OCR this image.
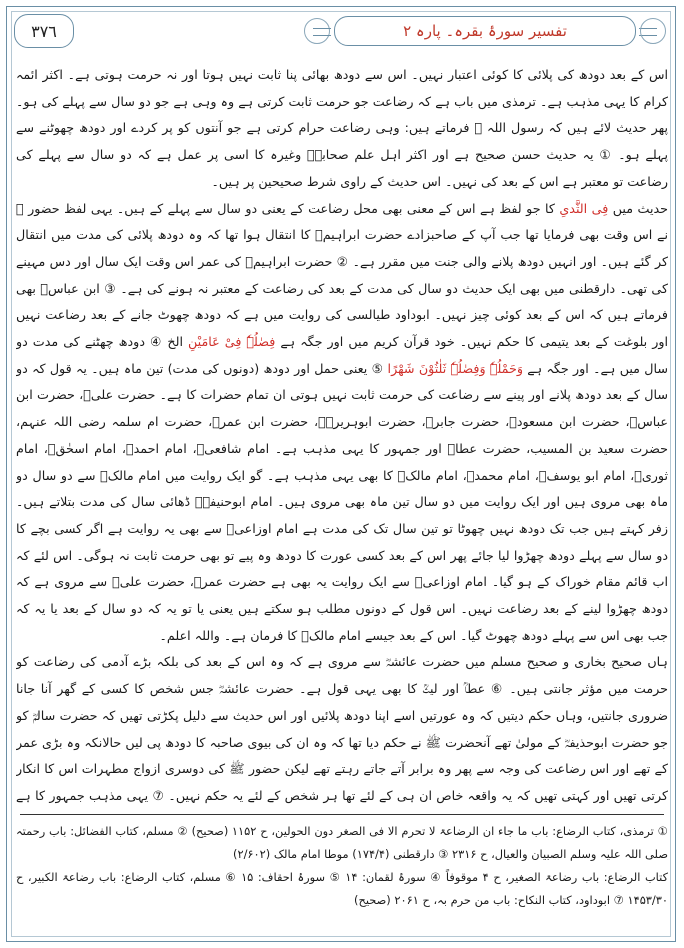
٣٧٦	تفسیر سورۂ بقرہ۔ پارہ ۲

اس کے بعد دودھ کی پلائی کا کوئی اعتبار نہیں۔ اس سے دودھ بھائی پنا ثابت نہیں ہوتا اور نہ حرمت ہوتی ہے۔ اکثر ائمہ کرام کا یہی مذہب ہے۔ ترمذی میں باب ہے کہ رضاعت جو حرمت ثابت کرتی ہے وہ وہی ہے جو دو سال سے پہلے کی ہو۔ پھر حدیث لائے ہیں کہ رسول اللہ ﷺ فرماتے ہیں: وہی رضاعت حرام کرتی ہے جو آنتوں کو پر کردے اور دودھ چھوٹنے سے پہلے ہو۔ ① یہ حدیث حسن صحیح ہے اور اکثر اہل علم صحابہؓ وغیرہ کا اسی پر عمل ہے کہ دو سال سے پہلے کی رضاعت تو معتبر ہے اس کے بعد کی نہیں۔ اس حدیث کے راوی شرط صحیحین پر ہیں۔

حدیث میں فِی الثَّدیِ کا جو لفظ ہے اس کے معنی بھی محل رضاعت کے یعنی دو سال سے پہلے کے ہیں۔ یہی لفظ حضور ﷺ نے اس وقت بھی فرمایا تھا جب آپ کے صاحبزادے حضرت ابراہیمؑ کا انتقال ہوا تھا کہ وہ دودھ پلائی کی مدت میں انتقال کر گئے ہیں۔ اور انہیں دودھ پلانے والی جنت میں مقرر ہے۔ ② حضرت ابراہیمؓ کی عمر اس وقت ایک سال اور دس مہینے کی تھی۔ دارقطنی میں بھی ایک حدیث دو سال کی مدت کے بعد کی رضاعت کے معتبر نہ ہونے کی ہے۔ ③ ابن عباسؓ بھی فرماتے ہیں کہ اس کے بعد کوئی چیز نہیں۔ ابوداود طیالسی کی روایت میں ہے کہ دودھ چھوٹ جانے کے بعد رضاعت نہیں اور بلوغت کے بعد یتیمی کا حکم نہیں۔ خود قرآن کریم میں اور جگہ ہے فِصٰلُہٗ فِیْ عَامَیْنِ الخ ④ دودھ چھٹنے کی مدت دو سال میں ہے۔ اور جگہ ہے وَحَمْلُہٗ وَفِصٰلُہٗ ثَلٰثُوْنَ شَهْرًا ⑤ یعنی حمل اور دودھ (دونوں کی مدت) تین ماہ ہیں۔ یہ قول کہ دو سال کے بعد دودھ پلانے اور پینے سے رضاعت کی حرمت ثابت نہیں ہوتی ان تمام حضرات کا ہے۔ حضرت علیؓ، حضرت ابن عباسؓ، حضرت ابن مسعودؓ، حضرت جابرؓ، حضرت ابوہریرہؓ، حضرت ابن عمرؓ، حضرت ام سلمہ رضی اللہ عنہم، حضرت سعید بن المسیب، حضرت عطاؒ اور جمہور کا یہی مذہب ہے۔ امام شافعیؒ، امام احمدؒ، امام اسحٰقؒ، امام ثوریؒ، امام ابو یوسفؒ، امام محمدؒ، امام مالکؒ کا بھی یہی مذہب ہے۔ گو ایک روایت میں امام مالکؒ سے دو سال دو ماہ بھی مروی ہیں اور ایک روایت میں دو سال تین ماہ بھی مروی ہیں۔ امام ابوحنیفہؒ ڈھائی سال کی مدت بتلاتے ہیں۔ زفر کہتے ہیں جب تک دودھ نہیں چھوٹا تو تین سال تک کی مدت ہے امام اوزاعیؒ سے بھی یہ روایت ہے اگر کسی بچے کا دو سال سے پہلے دودھ چھڑوا لیا جائے پھر اس کے بعد کسی عورت کا دودھ وہ پیے تو بھی حرمت ثابت نہ ہوگی۔ اس لئے کہ اب قائم مقام خوراک کے ہو گیا۔ امام اوزاعیؒ سے ایک روایت یہ بھی ہے حضرت عمرؓ، حضرت علیؓ سے مروی ہے کہ دودھ چھڑوا لینے کے بعد رضاعت نہیں۔ اس قول کے دونوں مطلب ہو سکتے ہیں یعنی یا تو یہ کہ دو سال کے بعد یا یہ کہ جب بھی اس سے پہلے دودھ چھوٹ گیا۔ اس کے بعد جیسے امام مالکؒ کا فرمان ہے۔ واللہ اعلم۔

ہاں صحیح بخاری و صحیح مسلم میں حضرت عائشہؓ سے مروی ہے کہ وہ اس کے بعد کی بلکہ بڑے آدمی کی رضاعت کو حرمت میں مؤثر جانتی ہیں۔ ⑥ عطاؒ اور لیثؒ کا بھی یہی قول ہے۔ حضرت عائشہؓ جس شخص کا کسی کے گھر آنا جانا ضروری جانتیں، وہاں حکم دیتیں کہ وہ عورتیں اسے اپنا دودھ پلائیں اور اس حدیث سے دلیل پکڑتی تھیں کہ حضرت سالمؓ کو جو حضرت ابوحذیفہؓ کے مولیٰ تھے آنحضرت ﷺ نے حکم دیا تھا کہ وہ ان کی بیوی صاحبہ کا دودھ پی لیں حالانکہ وہ بڑی عمر کے تھے اور اس رضاعت کی وجہ سے پھر وہ برابر آتے جاتے رہتے تھے لیکن حضور ﷺ کی دوسری ازواج مطہرات اس کا انکار کرتی تھیں اور کہتی تھیں کہ یہ واقعہ خاص ان ہی کے لئے تھا ہر شخص کے لئے یہ حکم نہیں۔ ⑦ یہی مذہب جمہور کا ہے

① ترمذی، کتاب الرضاع: باب ما جاء ان الرضاعۃ لا تحرم الا فی الصغر دون الحولین، ح ۱۱۵۲ (صحیح) ② مسلم، کتاب الفضائل: باب رحمتہ صلی اللہ علیہ وسلم الصبیان والعیال، ح ۲۳۱۶ ③ دارقطنی (۱۷۴/۴) موطا امام مالک (۲/۶۰۲)

کتاب الرضاع: باب رضاعۃ الصغیر، ح ۴ موقوفاً ④ سورۂ لقمان: ۱۴ ⑤ سورۂ احقاف: ۱۵ ⑥ مسلم، کتاب الرضاع: باب رضاعۃ الکبیر، ح ۱۴۵۳/۳۰ ⑦ ابوداود، کتاب النکاح: باب من حرم بہ، ح ۲۰۶۱ (صحیح)
